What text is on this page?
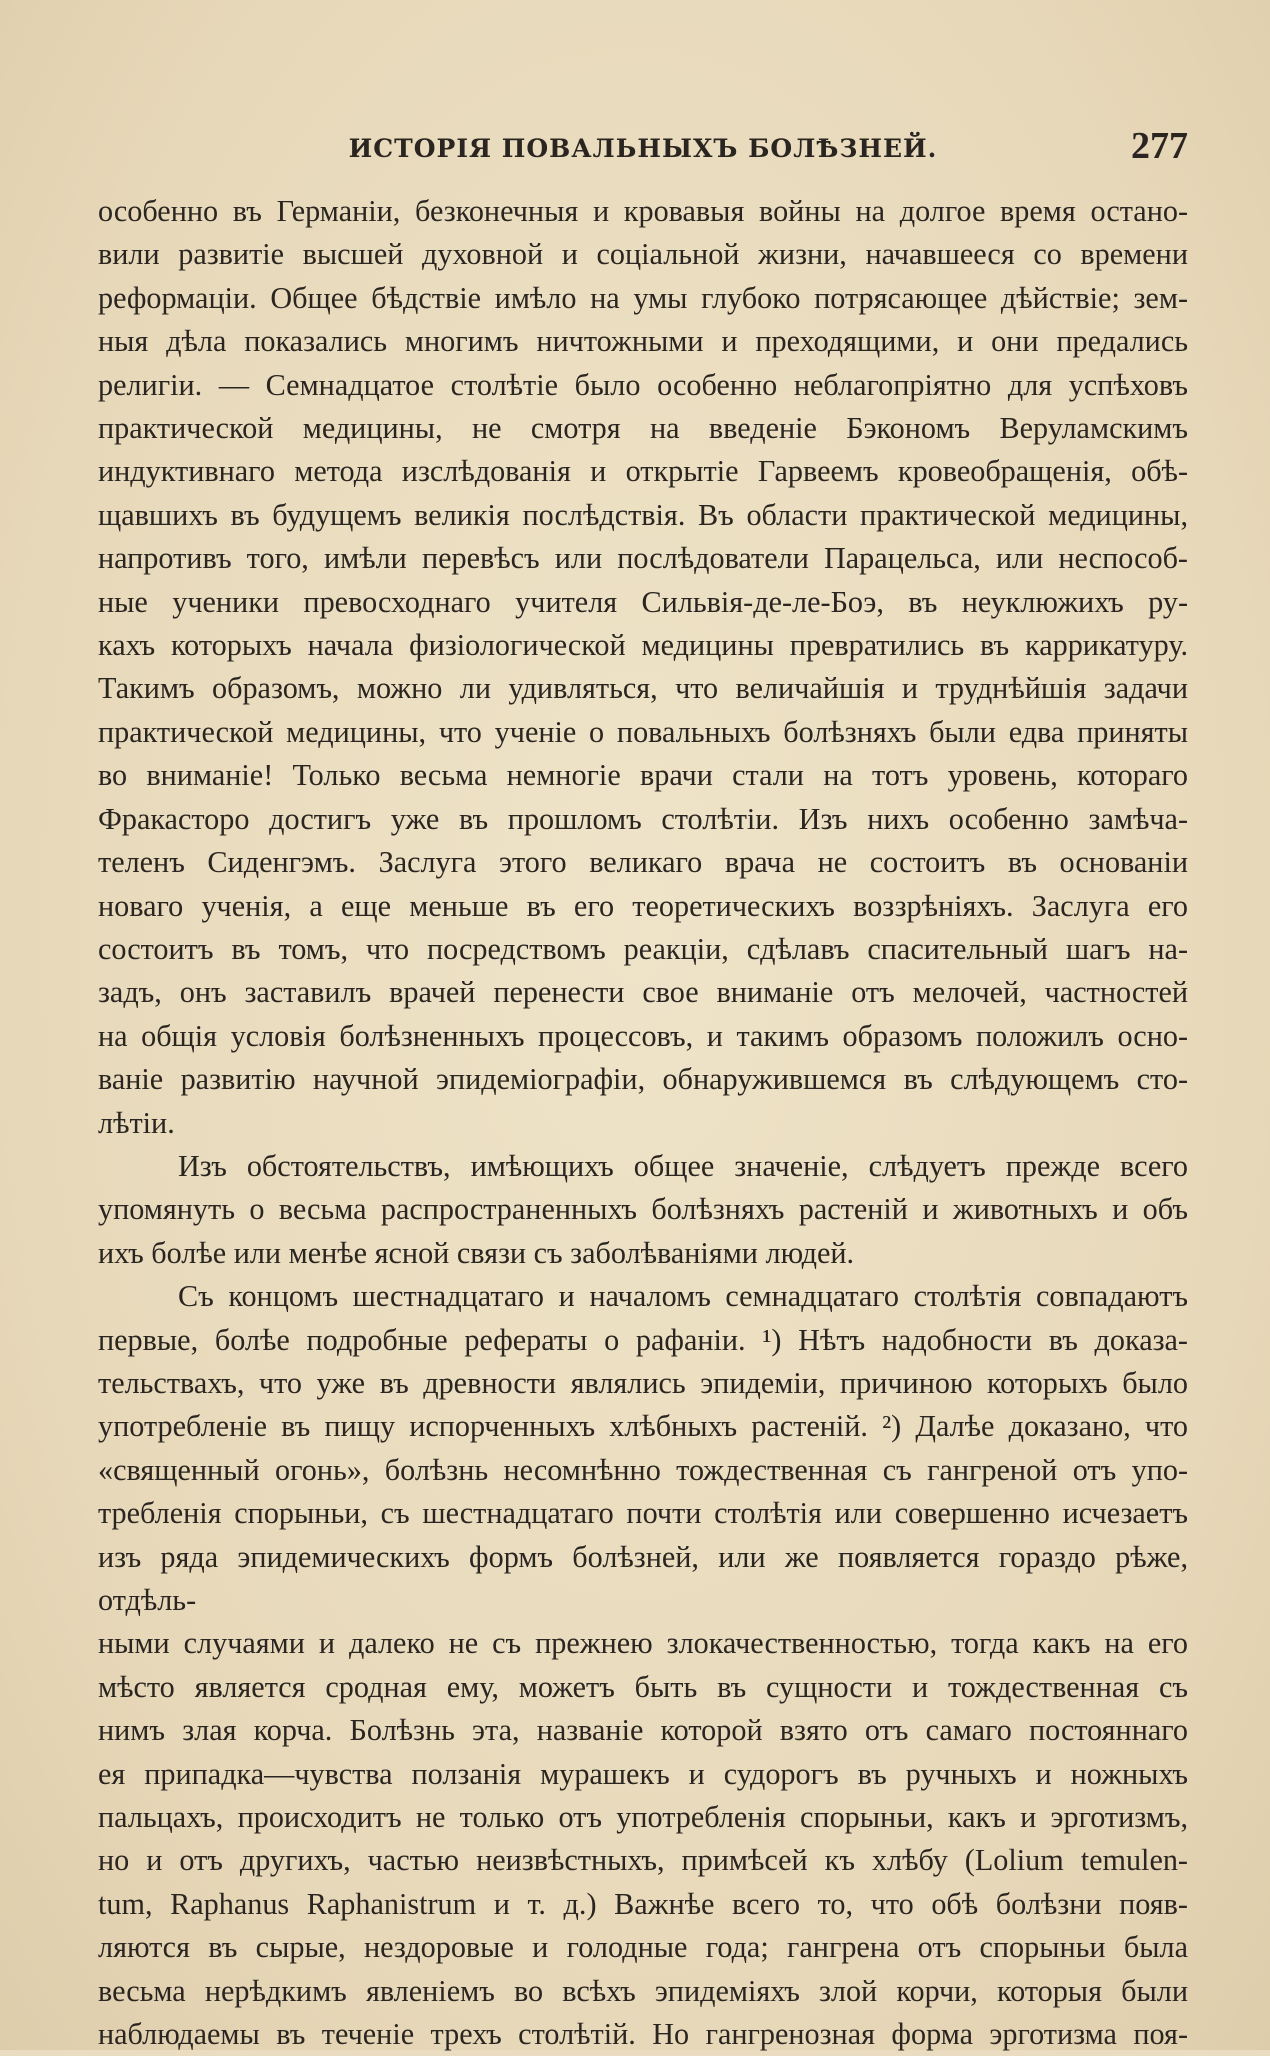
ИСТОРІЯ ПОВАЛЬНЫХЪ БОЛѢЗНЕЙ.	277

особенно въ Германіи, безконечныя и кровавыя войны на долгое время остано-

вили развитіе высшей духовной и соціальной жизни, начавшееся со времени

реформаціи. Общее бѣдствіе имѣло на умы глубоко потрясающее дѣйствіе; зем-

ныя дѣла показались многимъ ничтожными и преходящими, и они предались

религіи. — Семнадцатое столѣтіе было особенно неблагопріятно для успѣховъ

практической медицины, не смотря на введеніе Бэкономъ Веруламскимъ

индуктивнаго метода изслѣдованія и открытіе Гарвеемъ кровеобращенія, обѣ-

щавшихъ въ будущемъ великія послѣдствія. Въ области практической медицины,

напротивъ того, имѣли перевѣсъ или послѣдователи Парацельса, или неспособ-

ные ученики превосходнаго учителя Сильвія-де-ле-Боэ, въ неуклюжихъ ру-

кахъ которыхъ начала физіологической медицины превратились въ каррикатуру.

Такимъ образомъ, можно ли удивляться, что величайшія и труднѣйшія задачи

практической медицины, что ученіе о повальныхъ болѣзняхъ были едва приняты

во вниманіе! Только весьма немногіе врачи стали на тотъ уровень, котораго

Фракасторо достигъ уже въ прошломъ столѣтіи. Изъ нихъ особенно замѣча-

теленъ Сиденгэмъ. Заслуга этого великаго врача не состоитъ въ основаніи

новаго ученія, а еще меньше въ его теоретическихъ воззрѣніяхъ. Заслуга его

состоитъ въ томъ, что посредствомъ реакціи, сдѣлавъ спасительный шагъ на-

задъ, онъ заставилъ врачей перенести свое вниманіе отъ мелочей, частностей

на общія условія болѣзненныхъ процессовъ, и такимъ образомъ положилъ осно-

ваніе развитію научной эпидеміографіи, обнаружившемся въ слѣдующемъ сто-

лѣтіи.

Изъ обстоятельствъ, имѣющихъ общее значеніе, слѣдуетъ прежде всего

упомянуть о весьма распространенныхъ болѣзняхъ растеній и животныхъ и объ

ихъ болѣе или менѣе ясной связи съ заболѣваніями людей.

Съ концомъ шестнадцатаго и началомъ семнадцатаго столѣтія совпадаютъ

первые, болѣе подробные рефераты о рафаніи. ¹) Нѣтъ надобности въ доказа-

тельствахъ, что уже въ древности являлись эпидеміи, причиною которыхъ было

употребленіе въ пищу испорченныхъ хлѣбныхъ растеній. ²) Далѣе доказано, что

«священный огонь», болѣзнь несомнѣнно тождественная съ гангреной отъ упо-

требленія спорыньи, съ шестнадцатаго почти столѣтія или совершенно исчезаетъ

изъ ряда эпидемическихъ формъ болѣзней, или же появляется гораздо рѣже, отдѣль-

ными случаями и далеко не съ прежнею злокачественностью, тогда какъ на его

мѣсто является сродная ему, можетъ быть въ сущности и тождественная съ

нимъ злая корча. Болѣзнь эта, названіе которой взято отъ самаго постояннаго

ея припадка—чувства ползанія мурашекъ и судорогъ въ ручныхъ и ножныхъ

пальцахъ, происходитъ не только отъ употребленія спорыньи, какъ и эрготизмъ,

но и отъ другихъ, частью неизвѣстныхъ, примѣсей къ хлѣбу (Lolium temulen-

tum, Raphanus Raphanistrum и т. д.) Важнѣе всего то, что обѣ болѣзни появ-

ляются въ сырые, нездоровые и голодные года; гангрена отъ спорыньи была

весьма нерѣдкимъ явленіемъ во всѣхъ эпидеміяхъ злой корчи, которыя были

наблюдаемы въ теченіе трехъ столѣтій. Но гангренозная форма эрготизма поя-
